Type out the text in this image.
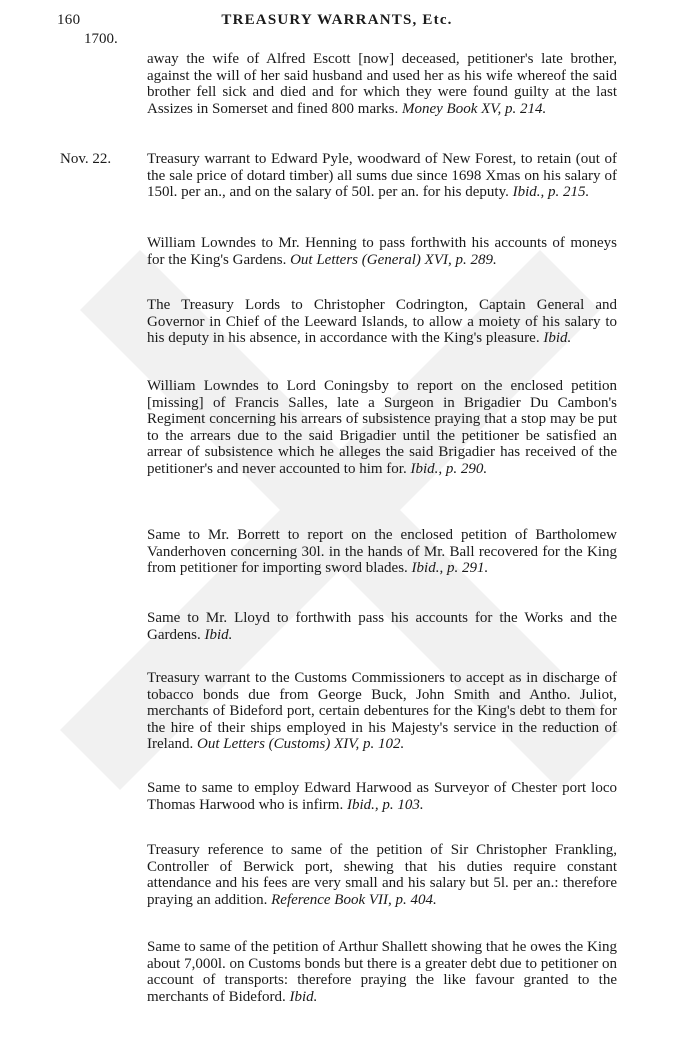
160	TREASURY WARRANTS, Etc.
1700.
away the wife of Alfred Escott [now] deceased, petitioner's late brother, against the will of her said husband and used her as his wife whereof the said brother fell sick and died and for which they were found guilty at the last Assizes in Somerset and fined 800 marks. Money Book XV, p. 214.
Nov. 22. Treasury warrant to Edward Pyle, woodward of New Forest, to retain (out of the sale price of dotard timber) all sums due since 1698 Xmas on his salary of 150l. per an., and on the salary of 50l. per an. for his deputy. Ibid., p. 215.
William Lowndes to Mr. Henning to pass forthwith his accounts of moneys for the King's Gardens. Out Letters (General) XVI, p. 289.
The Treasury Lords to Christopher Codrington, Captain General and Governor in Chief of the Leeward Islands, to allow a moiety of his salary to his deputy in his absence, in accordance with the King's pleasure. Ibid.
William Lowndes to Lord Coningsby to report on the enclosed petition [missing] of Francis Salles, late a Surgeon in Brigadier Du Cambon's Regiment concerning his arrears of subsistence praying that a stop may be put to the arrears due to the said Brigadier until the petitioner be satisfied an arrear of subsistence which he alleges the said Brigadier has received of the petitioner's and never accounted to him for. Ibid., p. 290.
Same to Mr. Borrett to report on the enclosed petition of Bartholomew Vanderhoven concerning 30l. in the hands of Mr. Ball recovered for the King from petitioner for importing sword blades. Ibid., p. 291.
Same to Mr. Lloyd to forthwith pass his accounts for the Works and the Gardens. Ibid.
Treasury warrant to the Customs Commissioners to accept as in discharge of tobacco bonds due from George Buck, John Smith and Antho. Juliot, merchants of Bideford port, certain debentures for the King's debt to them for the hire of their ships employed in his Majesty's service in the reduction of Ireland. Out Letters (Customs) XIV, p. 102.
Same to same to employ Edward Harwood as Surveyor of Chester port loco Thomas Harwood who is infirm. Ibid., p. 103.
Treasury reference to same of the petition of Sir Christopher Frankling, Controller of Berwick port, shewing that his duties require constant attendance and his fees are very small and his salary but 5l. per an.: therefore praying an addition. Reference Book VII, p. 404.
Same to same of the petition of Arthur Shallett showing that he owes the King about 7,000l. on Customs bonds but there is a greater debt due to petitioner on account of transports: therefore praying the like favour granted to the merchants of Bideford. Ibid.
